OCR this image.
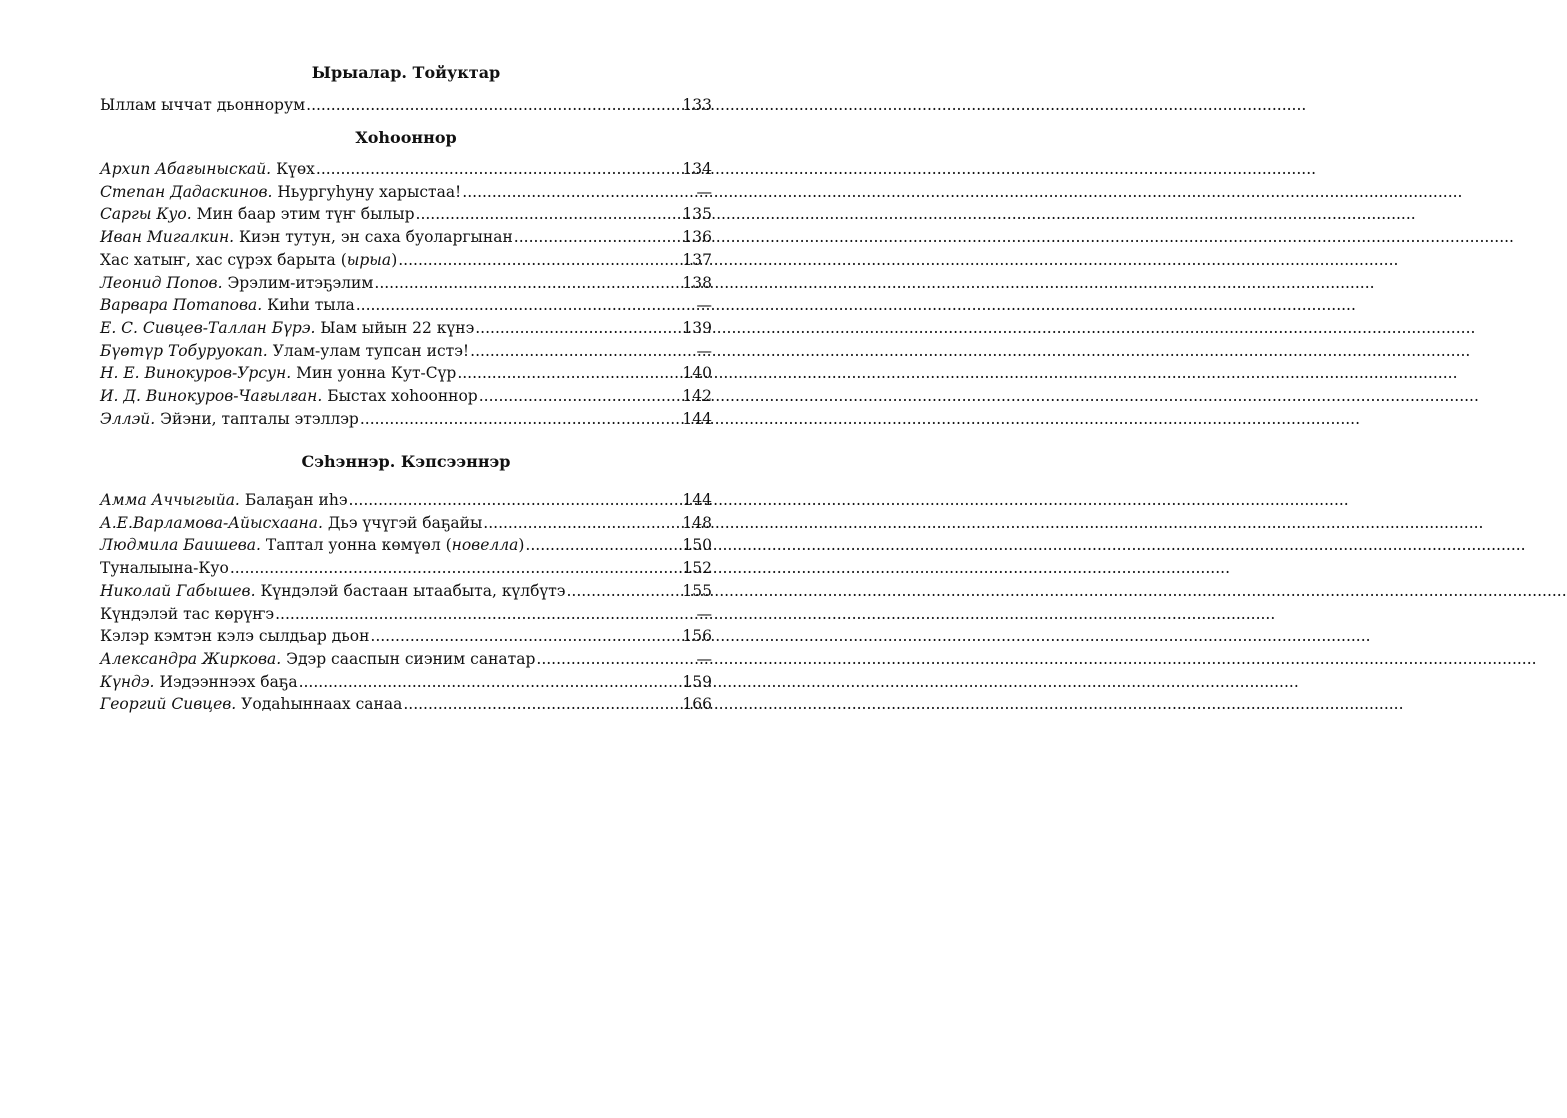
Ырыалар. Тойуктар
Ыллам ыччат дьоннорум .....	133
Хоһооннор
Архип Абағыныскай. Күөх .....	134
Степан Дадаскинов. Ньургуһуну харыстаа! .....	—
Саргы Куо. Мин баар этим түҥ былыр .....	135
Иван Мигалкин. Киэн тутун, эн саха буоларгынан .....	136
Хас хатыҥ, хас сүрэх барыта (ырыа) .....	137
Леонид Попов. Эрэлим-итэҕэлим .....	138
Варвара Потапова. Киһи тыла .....	—
Е. С. Сивцев-Таллан Бүрэ. Ыам ыйын 22 күнэ .....	139
Бүөтүр Тобуруокап. Улам-улам тупсан истэ! .....	—
Н. Е. Винокуров-Урсун. Мин уонна Кут-Сүр .....	140
И. Д. Винокуров-Чағылған. Быстах хоһооннор .....	142
Эллэй. Эйэни, тапталы этэллэр .....	144
Сэһэннэр. Кэпсээннэр
Амма Аччыгыйа. Балаҕан иһэ .....	144
А.Е.Варламова-Айысхаана. Дьэ үчүгэй баҕайы .....	148
Людмила Баишева. Таптал уонна көмүөл (новелла) .....	150
Туналыына-Куо .....	152
Николай Габышев. Күндэлэй бастаан ытаабыта, күлбүтэ .....	155
Күндэлэй тас көрүҥэ .....	—
Кэлэр кэмтэн кэлэ сылдьар дьон .....	156
Александра Жиркова. Эдэр сааспын сиэним санатар .....	—
Күндэ. Иэдээннээх баҕа .....	159
Георгий Сивцев. Уодаһыннаах санаа .....	166
